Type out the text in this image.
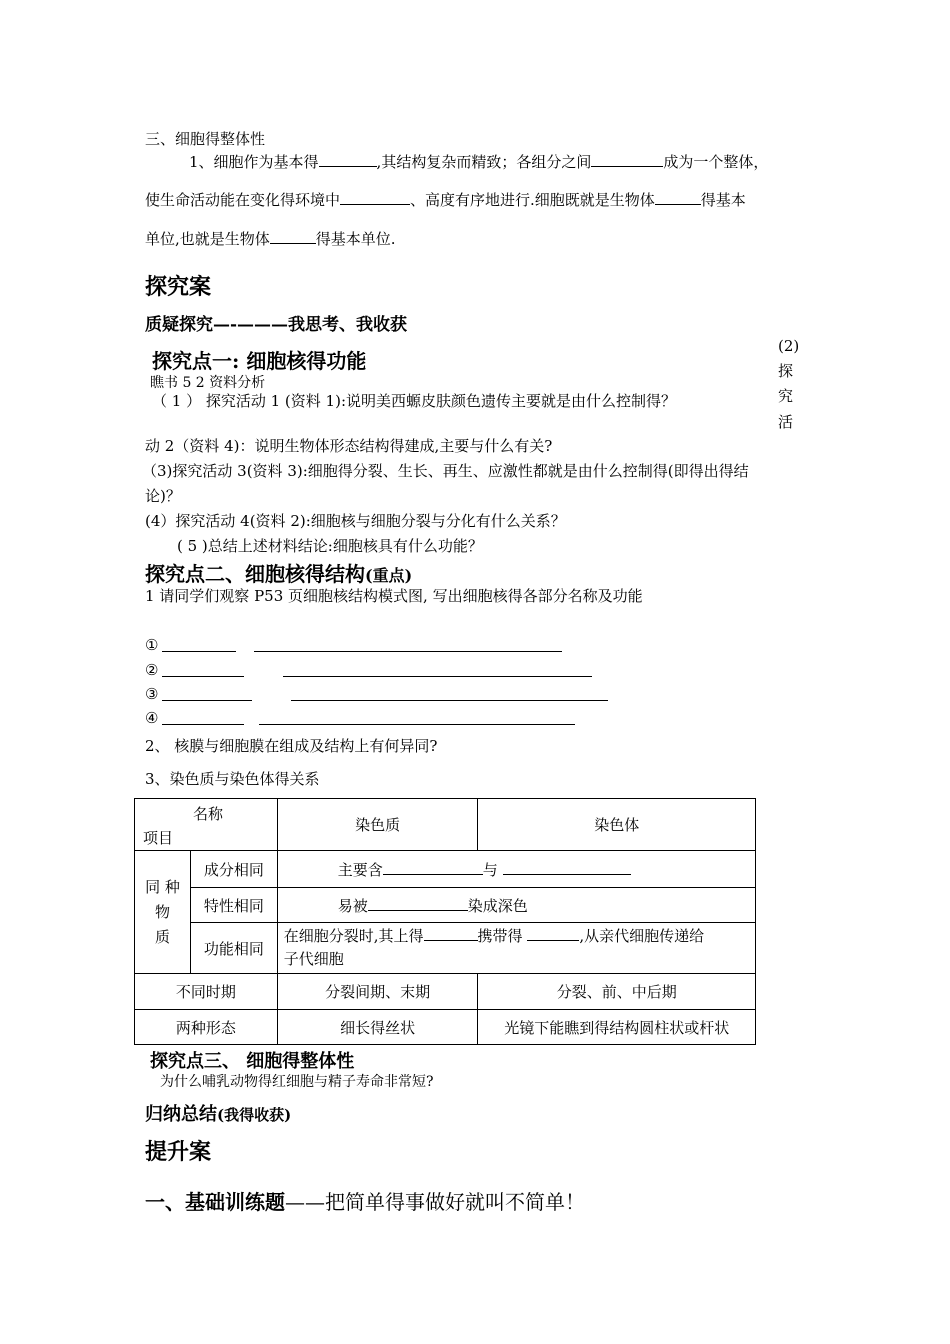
三、细胞得整体性
1、细胞作为基本得	,其结构复杂而精致；各组分之间	成为一个整体，
使生命活动能在变化得环境中	、高度有序地进行.细胞既就是生物体	得基本
单位,也就是生物体	得基本单位.
探究案
质疑探究—-———我思考、我收获
探究点一: 细胞核得功能
(2)
探
究
活
瞧书 5 2 资料分析
（ 1 ） 探究活动 1 (资料 1):说明美西螈皮肤颜色遗传主要就是由什么控制得？
动 2（资料 4)：说明生物体形态结构得建成,主要与什么有关?
（3)探究活动 3(资料 3):细胞得分裂、生长、再生、应激性都就是由什么控制得(即得出得结
论)？
(4）探究活动 4(资料 2):细胞核与细胞分裂与分化有什么关系？
( 5 )总结上述材料结论:细胞核具有什么功能？
探究点二、细胞核得结构(重点)
1 请同学们观察 P53 页细胞核结构模式图, 写出细胞核得各部分名称及功能
①
②
③
④
2、 核膜与细胞膜在组成及结构上有何异同?
3、染色质与染色体得关系
名称
项目		染色质	染色体
同 种
物
质	成分相同	主要含 与	
	特性相同	易被 染成深色	
	功能相同	在细胞分裂时,其上得 携带得 ,从亲代细胞传递给
子代细胞	

不同时期		分裂间期、末期	分裂、前、中后期
两种形态		细长得丝状	光镜下能瞧到得结构圆柱状或杆状
探究点三、 细胞得整体性
为什么哺乳动物得红细胞与精子寿命非常短?
归纳总结(我得收获)
提升案
一、基础训练题——把简单得事做好就叫不简单！
